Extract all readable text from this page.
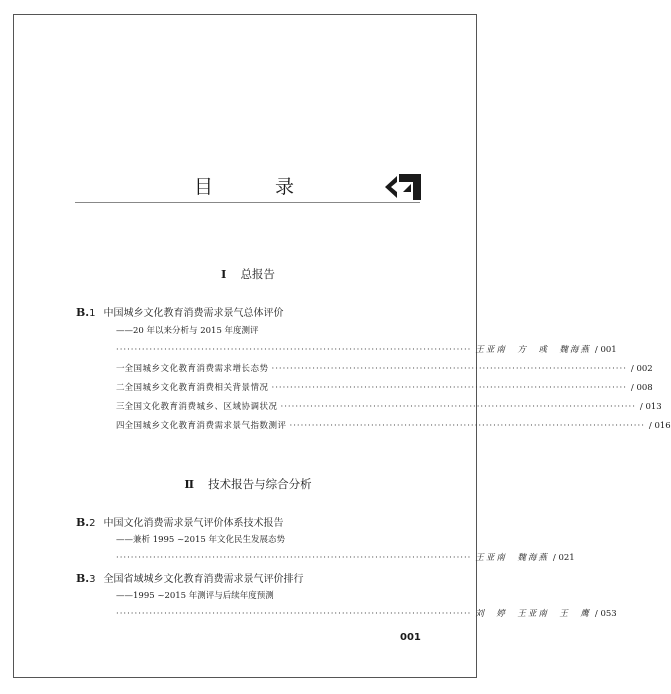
目 录
Ⅰ 总报告
B.1 中国城乡文化教育消费需求景气总体评价
——20 年以来分析与 2015 年度测评
································································································ 王亚南　方　彧　魏海燕 / 001
一 全国城乡文化教育消费需求增长态势 ································································································ / 002
二 全国城乡文化教育消费相关背景情况 ································································································ / 008
三 全国文化教育消费城乡、区域协调状况 ································································································ / 013
四 全国城乡文化教育消费需求景气指数测评 ································································································ / 016
Ⅱ 技术报告与综合分析
B.2 中国文化消费需求景气评价体系技术报告
——兼析 1995 ~2015 年文化民生发展态势
································································································ 王亚南　魏海燕 / 021
B.3 全国省域城乡文化教育消费需求景气评价排行
——1995 ~2015 年测评与后续年度预测
································································································ 刘　婷　王亚南　王　鹰 / 053
001
